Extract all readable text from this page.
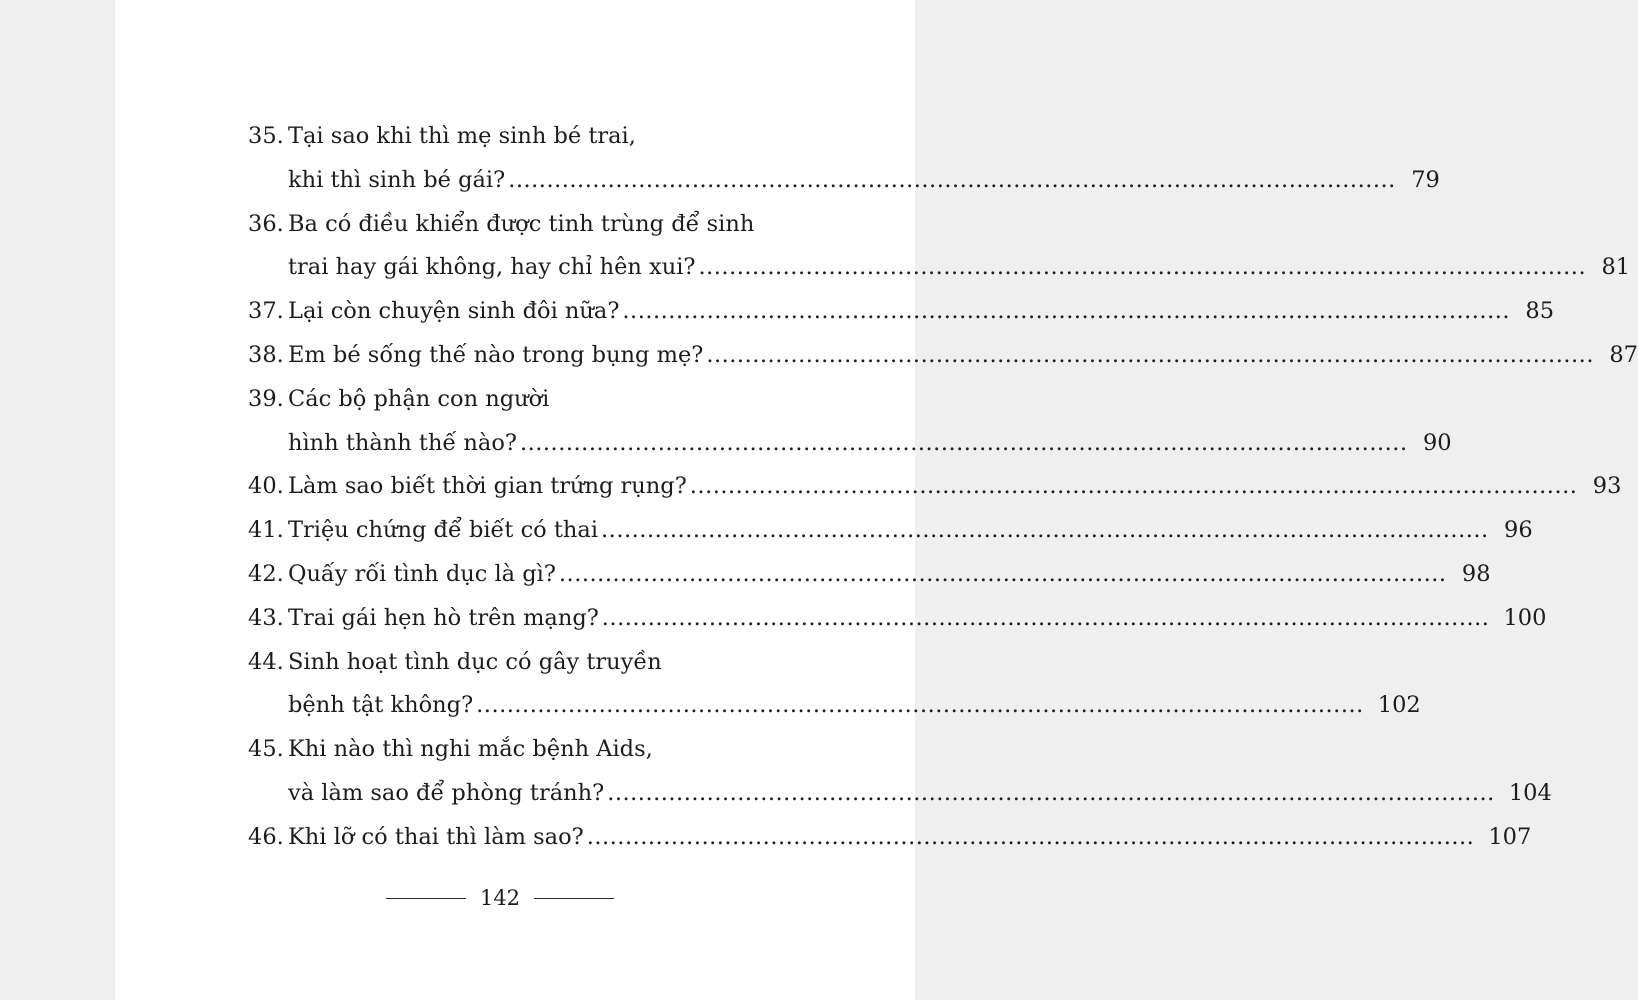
35. Tại sao khi thì mẹ sinh bé trai,
khi thì sinh bé gái? .....	79
36. Ba có điều khiển được tinh trùng để sinh
trai hay gái không, hay chỉ hên xui? .....	81
37. Lại còn chuyện sinh đôi nữa? .....	85
38. Em bé sống thế nào trong bụng mẹ? .....	87
39. Các bộ phận con người
hình thành thế nào? .....	90
40. Làm sao biết thời gian trứng rụng? .....	93
41. Triệu chứng để biết có thai .....	96
42. Quấy rối tình dục là gì? .....	98
43. Trai gái hẹn hò trên mạng? .....	100
44. Sinh hoạt tình dục có gây truyền
bệnh tật không? .....	102
45. Khi nào thì nghi mắc bệnh Aids,
và làm sao để phòng tránh? .....	104
46. Khi lỡ có thai thì làm sao? .....	107
142
